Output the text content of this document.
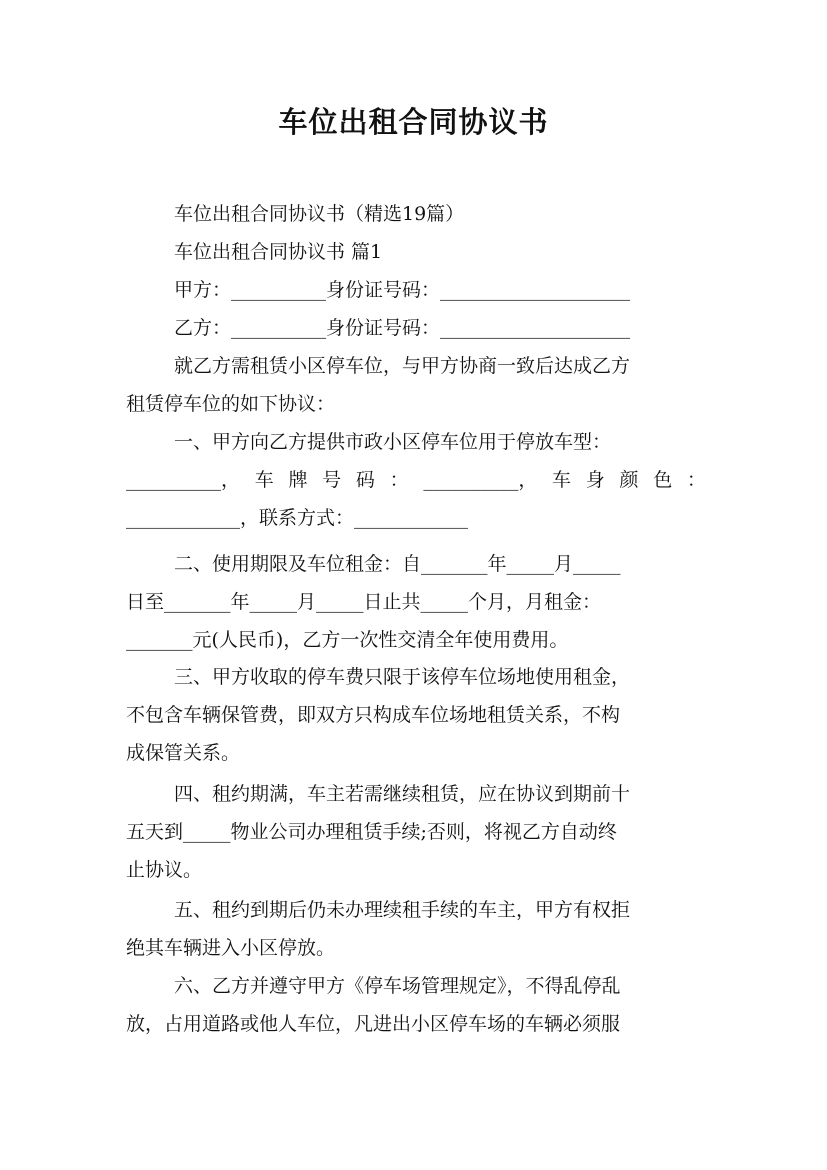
车位出租合同协议书
车位出租合同协议书（精选19篇）
车位出租合同协议书 篇1
甲方：__________身份证号码：____________________
乙方：__________身份证号码：____________________
就乙方需租赁小区停车位，与甲方协商一致后达成乙方
租赁停车位的如下协议：
一、甲方向乙方提供市政小区停车位用于停放车型：
__________， 车 牌 号 码 ： __________， 车 身 颜 色 ：
____________，联系方式：____________
二、使用期限及车位租金：自_______年_____月_____
日至_______年_____月_____日止共_____个月，月租金：
_______元(人民币)，乙方一次性交清全年使用费用。
三、甲方收取的停车费只限于该停车位场地使用租金，
不包含车辆保管费，即双方只构成车位场地租赁关系，不构
成保管关系。
四、租约期满，车主若需继续租赁，应在协议到期前十
五天到_____物业公司办理租赁手续;否则，将视乙方自动终
止协议。
五、租约到期后仍未办理续租手续的车主，甲方有权拒
绝其车辆进入小区停放。
六、乙方并遵守甲方《停车场管理规定》，不得乱停乱
放，占用道路或他人车位，凡进出小区停车场的车辆必须服
